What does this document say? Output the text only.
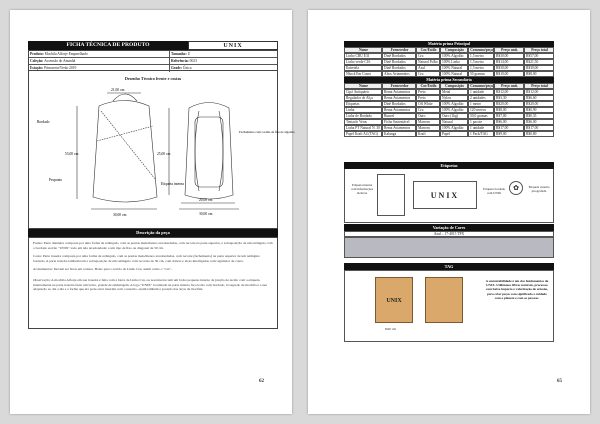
FICHA TÉCNICA DE PRODUTO	UNIX
Produto: Mochila Alforje Emparelhado
Coleção: Ascensão do Amanhã
Estação: Primavera/Verão 2019
Tamanho: U
Referência: 0023
Grade: Única
Desenho Técnico frente e costas
21,00 cm
53,00 cm
30,00 cm
20,00 cm
30,00 cm
25,00 cm
Bordado
Pesponto
Fechamento com cordão de fios de algodão
Etiqueta interna
Descrição da peça

Frente: Parte dianteira composta por uma forma de retângulo, com as pontas mais/menos arredondadas, com recorte na parte superior, e sobreposição de um retângulo com o bordado escrito "UNIX" todo em tela arredondada; e um tipo de fixo ou diagonal de 50 cm.

Costa: Parte traseira composta por uma forma de retângulo, com as pontas mais/menos arredondadas, com recorte (fechamento) na parte superior de um retângulo bordado. A parte traseira também tem a sobreposição de um retângulo com recortes de 30 cm, com dobras e alças interligadas com regulador de couro.

Acabamentos: Devem ser fixos em costura. Bolso para o tecido de Linho Cru, assim como o "cós".

Observação: A mochila Alforje em sua traseira é feita com a barra de Linho Cru, ou seu interior tem um bolso pequeno interno de junção de tecido com a etiqueta, internamente na parte traseira fazer um bolso, grande de embalagem. A logo "UNIX" localizada na parte interna faça bolso com bordado. O segredo da mochila é a sua adaptação ao dia a dia e a forma que ela pode estar inserida com o usuário, assim também a posição das alças da mochila.

62
Matéria prima Principal
Nome	Fornecedor	Cor/Estilo	Composição	Consumo/peça	Preço unit.	Preço total
Linho CRU E31	Dinê Bordados	Cru	100% Algodão	1,5 metro	R$30,00	R$57,00
Linho verde C16	Dinê Bordados	Natural Polbo	100% Linho	1,5 metro	R$14,00	R$21,50
Entretela	Dinê Bordados	Azul	100% Natural	1,5 metro	R$30,00	R$30,00
Nhocã Em Couro	Altos Aviamentos	Cru	100% Natural	50 gramas	R$10,00	R$8,00
Matéria prima Secundária
Nome	Fornecedor	Cor/Estilo	Composição	Consumo/peça	Preço unit.	Preço total
Cipó Antiquário	Rema Aviamentos	Preto	Metal	1 unidade	R$12,00	R$12,00
Regulador de Alça	Rema Aviamentos	Preto	Nylon	2 unidades	R$3,30	R$6,60
Etiquetas	Dinê Bordados	Off White	100% Algodão	1 metro	R$20,00	R$20,00
Linha	Rema Aviamentos	Cru	100% Algodão	120 metros	R$8,00	R$0,90
Linha de Bordado	Bunzel	Ouro	Ouro (1kg)	50,0 gramas	R$7,00	R$0,35
Tentacle Veras	Ficha Sustentável	Marrom	Natural	1 pacote	R$6,00	R$6,00
Linha PT Natural N. 30	Rema Aviamentos	Marrom	100% Algodão	1 unidade	R$17,00	R$17,00
Papel Kraft A4 (TAG)	Kalunga	Kraft	Papel	1 Pack/TAG	R$9,00	R$0,80
Etiquetas
Etiqueta interna com informações técnicas	UNIX
Etiqueta bordada com UNIX
✿	Etiqueta externa pirografada
Variação de Cores
Azul – 17-4015 TPX
TAG
UNIX
8,00 cm
A sustentabilidade é um dos fundamentos da UNIX. Utilizamos fibras naturais, processos com baixo impacto e valorização do artesão, para criar peças com significado e cuidado com o planeta e com as pessoas.
65
